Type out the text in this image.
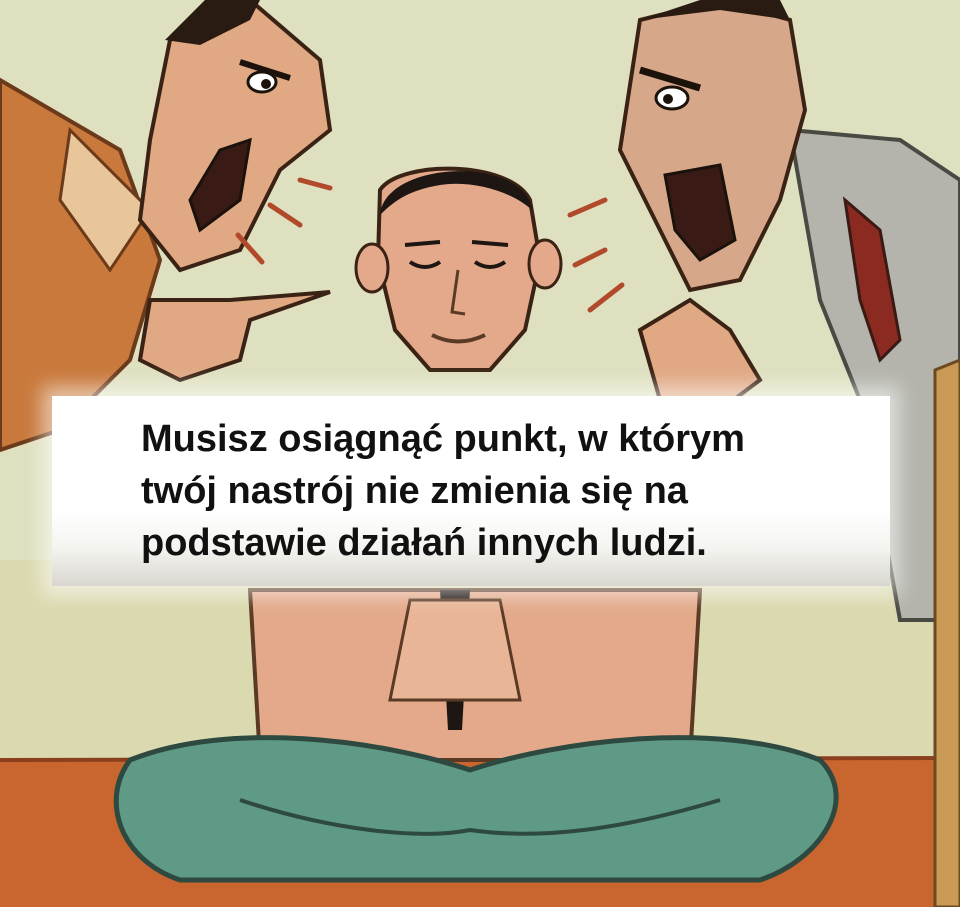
Musisz osiągnąć punkt, w którym
twój nastrój nie zmienia się na
podstawie działań innych ludzi.
